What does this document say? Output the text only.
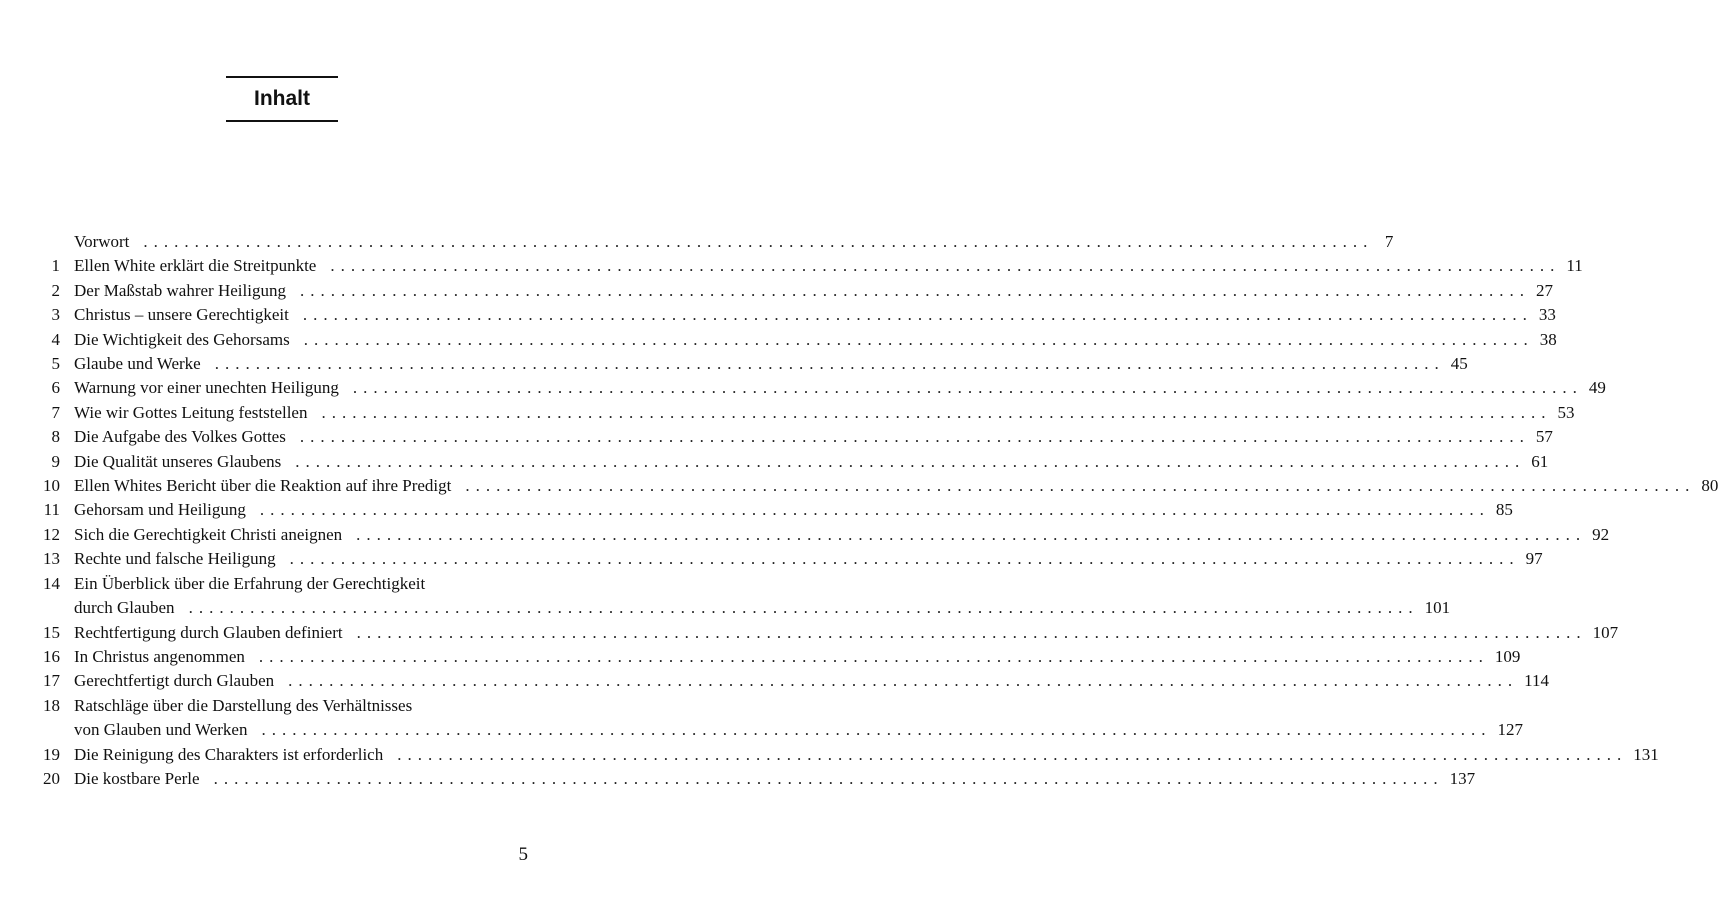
Inhalt
Vorwort ........................................................................................................................ 7
1 Ellen White erklärt die Streitpunkte ........................................................................................................................ 11
2 Der Maßstab wahrer Heiligung ........................................................................................................................ 27
3 Christus – unsere Gerechtigkeit ........................................................................................................................ 33
4 Die Wichtigkeit des Gehorsams ........................................................................................................................ 38
5 Glaube und Werke ........................................................................................................................ 45
6 Warnung vor einer unechten Heiligung ........................................................................................................................ 49
7 Wie wir Gottes Leitung feststellen ........................................................................................................................ 53
8 Die Aufgabe des Volkes Gottes ........................................................................................................................ 57
9 Die Qualität unseres Glaubens ........................................................................................................................ 61
10 Ellen Whites Bericht über die Reaktion auf ihre Predigt ........................................................................................................................ 80
11 Gehorsam und Heiligung ........................................................................................................................ 85
12 Sich die Gerechtigkeit Christi aneignen ........................................................................................................................ 92
13 Rechte und falsche Heiligung ........................................................................................................................ 97
14 Ein Überblick über die Erfahrung der Gerechtigkeit
durch Glauben ........................................................................................................................ 101
15 Rechtfertigung durch Glauben definiert ........................................................................................................................ 107
16 In Christus angenommen ........................................................................................................................ 109
17 Gerechtfertigt durch Glauben ........................................................................................................................ 114
18 Ratschläge über die Darstellung des Verhältnisses
von Glauben und Werken ........................................................................................................................ 127
19 Die Reinigung des Charakters ist erforderlich ........................................................................................................................ 131
20 Die kostbare Perle ........................................................................................................................ 137
5
